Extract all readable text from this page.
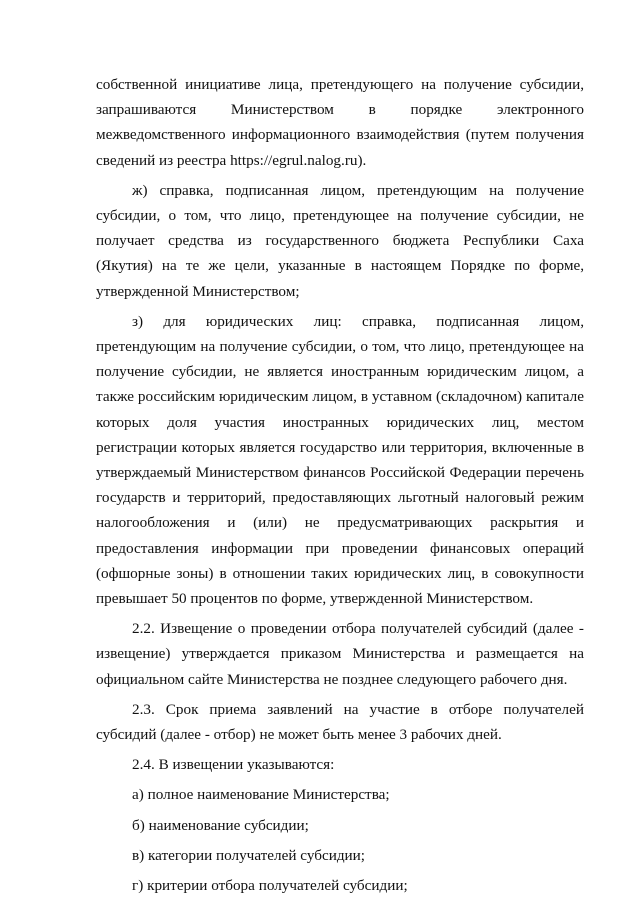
собственной инициативе лица, претендующего на получение субсидии, запрашиваются Министерством в порядке электронного межведомственного информационного взаимодействия (путем получения сведений из реестра https://egrul.nalog.ru).

ж) справка, подписанная лицом, претендующим на получение субсидии, о том, что лицо, претендующее на получение субсидии, не получает средства из государственного бюджета Республики Саха (Якутия) на те же цели, указанные в настоящем Порядке по форме, утвержденной Министерством;

з) для юридических лиц: справка, подписанная лицом, претендующим на получение субсидии, о том, что лицо, претендующее на получение субсидии, не является иностранным юридическим лицом, а также российским юридическим лицом, в уставном (складочном) капитале которых доля участия иностранных юридических лиц, местом регистрации которых является государство или территория, включенные в утверждаемый Министерством финансов Российской Федерации перечень государств и территорий, предоставляющих льготный налоговый режим налогообложения и (или) не предусматривающих раскрытия и предоставления информации при проведении финансовых операций (офшорные зоны) в отношении таких юридических лиц, в совокупности превышает 50 процентов по форме, утвержденной Министерством.

2.2. Извещение о проведении отбора получателей субсидий (далее - извещение) утверждается приказом Министерства и размещается на официальном сайте Министерства не позднее следующего рабочего дня.

2.3. Срок приема заявлений на участие в отборе получателей субсидий (далее - отбор) не может быть менее 3 рабочих дней.

2.4. В извещении указываются:

а) полное наименование Министерства;

б) наименование субсидии;

в) категории получателей субсидии;

г) критерии отбора получателей субсидии;
